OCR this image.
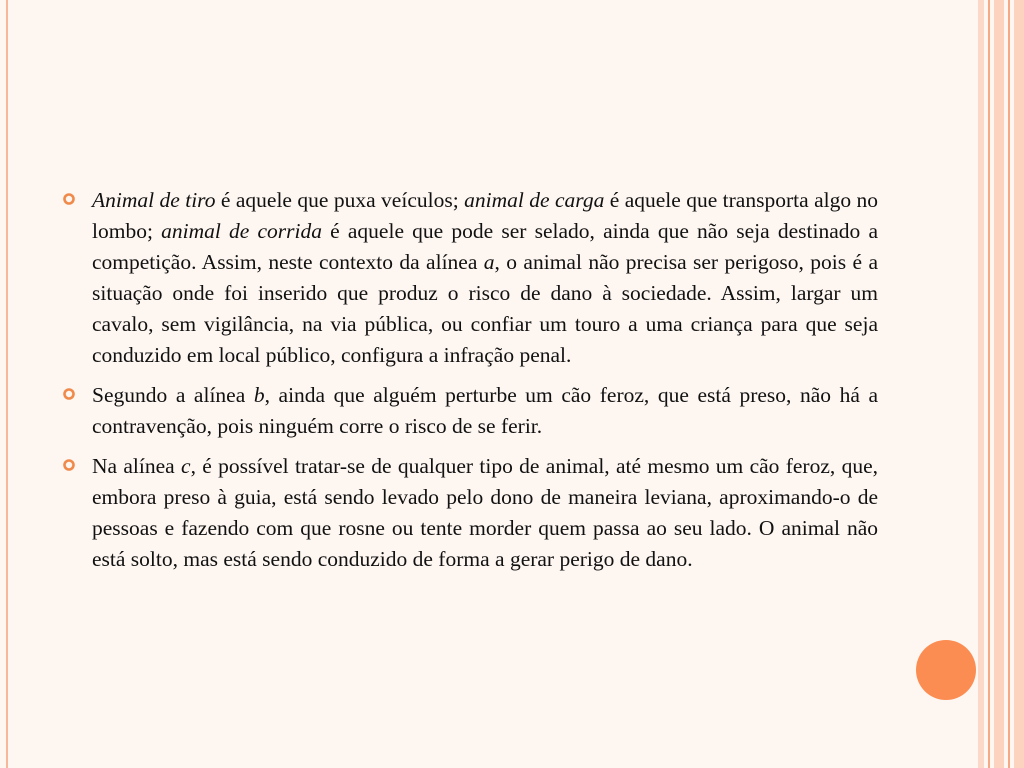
Animal de tiro é aquele que puxa veículos; animal de carga é aquele que transporta algo no lombo; animal de corrida é aquele que pode ser selado, ainda que não seja destinado a competição. Assim, neste contexto da alínea a, o animal não precisa ser perigoso, pois é a situação onde foi inserido que produz o risco de dano à sociedade. Assim, largar um cavalo, sem vigilância, na via pública, ou confiar um touro a uma criança para que seja conduzido em local público, configura a infração penal.
Segundo a alínea b, ainda que alguém perturbe um cão feroz, que está preso, não há a contravenção, pois ninguém corre o risco de se ferir.
Na alínea c, é possível tratar-se de qualquer tipo de animal, até mesmo um cão feroz, que, embora preso à guia, está sendo levado pelo dono de maneira leviana, aproximando-o de pessoas e fazendo com que rosne ou tente morder quem passa ao seu lado. O animal não está solto, mas está sendo conduzido de forma a gerar perigo de dano.
